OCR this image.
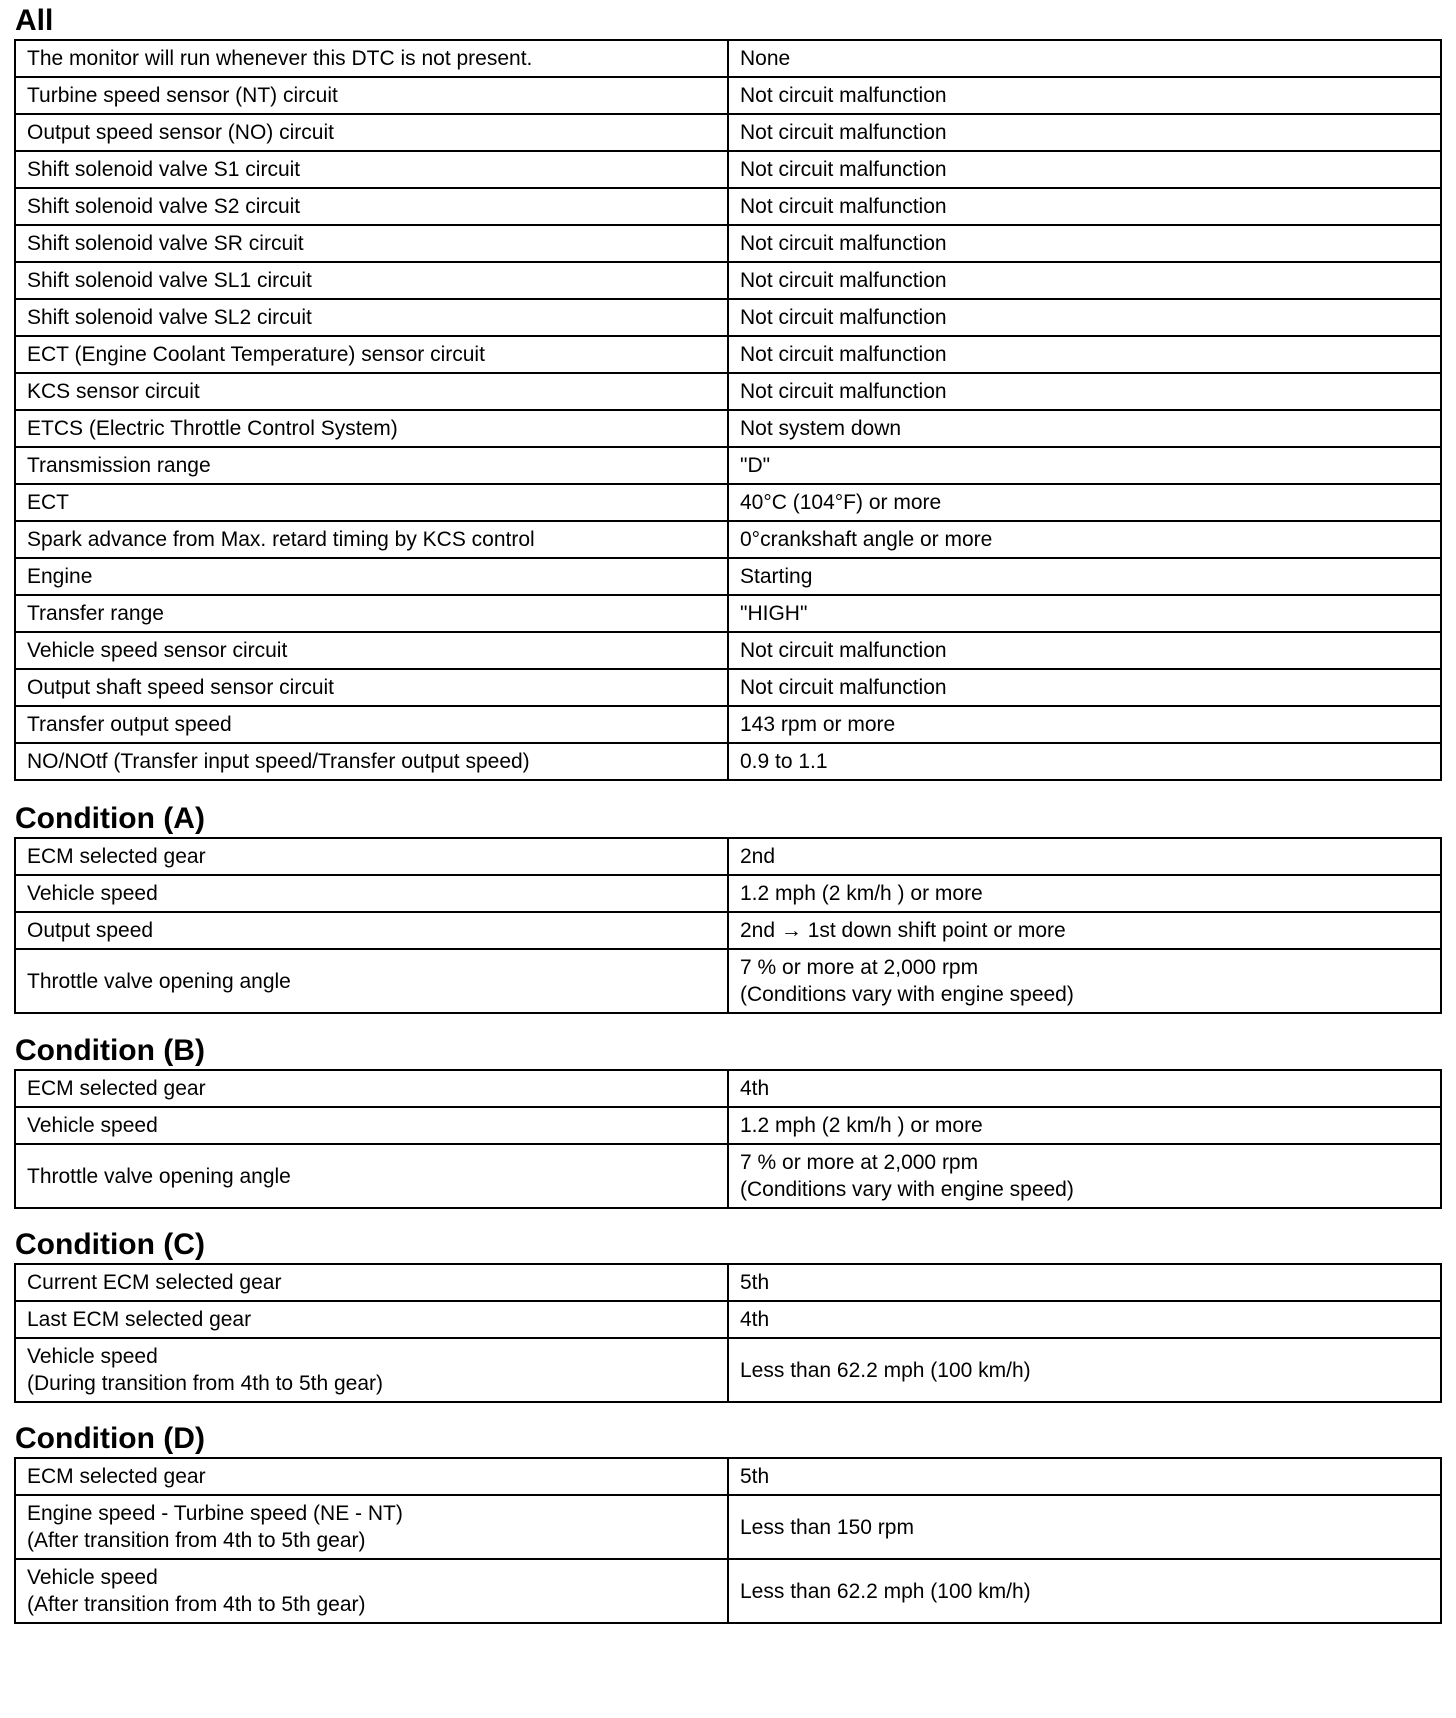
All
The monitor will run whenever this DTC is not present.	None
Turbine speed sensor (NT) circuit	Not circuit malfunction
Output speed sensor (NO) circuit	Not circuit malfunction
Shift solenoid valve S1 circuit	Not circuit malfunction
Shift solenoid valve S2 circuit	Not circuit malfunction
Shift solenoid valve SR circuit	Not circuit malfunction
Shift solenoid valve SL1 circuit	Not circuit malfunction
Shift solenoid valve SL2 circuit	Not circuit malfunction
ECT (Engine Coolant Temperature) sensor circuit	Not circuit malfunction
KCS sensor circuit	Not circuit malfunction
ETCS (Electric Throttle Control System)	Not system down
Transmission range	"D"
ECT	40°C (104°F) or more
Spark advance from Max. retard timing by KCS control	0°crankshaft angle or more
Engine	Starting
Transfer range	"HIGH"
Vehicle speed sensor circuit	Not circuit malfunction
Output shaft speed sensor circuit	Not circuit malfunction
Transfer output speed	143 rpm or more
NO/NOtf (Transfer input speed/Transfer output speed)	0.9 to 1.1
Condition (A)
ECM selected gear	2nd
Vehicle speed	1.2 mph (2 km/h ) or more
Output speed	2nd → 1st down shift point or more
Throttle valve opening angle	7 % or more at 2,000 rpm
(Conditions vary with engine speed)
Condition (B)
ECM selected gear	4th
Vehicle speed	1.2 mph (2 km/h ) or more
Throttle valve opening angle	7 % or more at 2,000 rpm
(Conditions vary with engine speed)
Condition (C)
Current ECM selected gear	5th
Last ECM selected gear	4th
Vehicle speed
(During transition from 4th to 5th gear)	Less than 62.2 mph (100 km/h)
Condition (D)
ECM selected gear	5th
Engine speed - Turbine speed (NE - NT)
(After transition from 4th to 5th gear)	Less than 150 rpm
Vehicle speed
(After transition from 4th to 5th gear)	Less than 62.2 mph (100 km/h)
